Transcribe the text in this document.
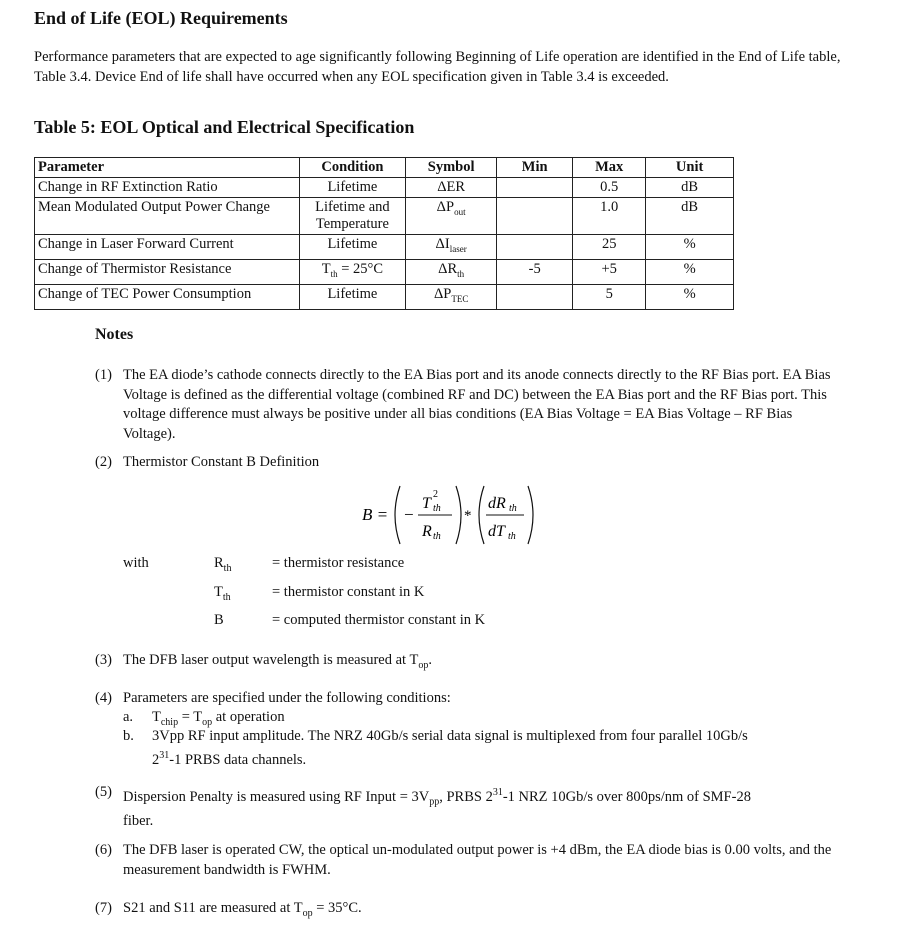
End of Life (EOL) Requirements

Performance parameters that are expected to age significantly following Beginning of Life operation are identified in the End of Life table, Table 3.4. Device End of life shall have occurred when any EOL specification given in Table 3.4 is exceeded.

Table 5: EOL Optical and Electrical Specification
Parameter	Condition	Symbol	Min	Max	Unit
Change in RF Extinction Ratio	Lifetime	ΔER		0.5	dB
Mean Modulated Output Power Change	Lifetime and Temperature	$\Delta P_{out}$		1.0	dB
Change in Laser Forward Current	Lifetime	$\Delta I_{laser}$		25	%
Change of Thermistor Resistance	$T_{th} = 25^\circ C$	$\Delta R_{th}$	-5	+5	%
Change of TEC Power Consumption	Lifetime	$\Delta P_{TEC}$		5	%
Notes
(1) The EA diode’s cathode connects directly to the EA Bias port and its anode connects directly to the RF Bias port. EA Bias Voltage is defined as the differential voltage (combined RF and DC) between the EA Bias port and the RF Bias port. This voltage difference must always be positive under all bias conditions (EA Bias Voltage = EA Bias Voltage – RF Bias Voltage).
(2) Thermistor Constant B Definition
B = −
T th
2
R th
*
dR th
dT th
with	$R_{th}$	= thermistor resistance
$T_{th}$	= thermistor constant in K
B	= computed thermistor constant in K
(3) The DFB laser output wavelength is measured at $T_{op}$.
(4) Parameters are specified under the following conditions:
a. $T_{chip} = T_{op}$ at operation
b. 3Vpp RF input amplitude. The NRZ 40Gb/s serial data signal is multiplexed from four parallel 10Gb/s
$2^{31}-1$ PRBS data channels.
(5) Dispersion Penalty is measured using RF Input = $3V_{pp}$, PRBS $2^{31}-1$ NRZ 10Gb/s over 800ps/nm of SMF-28
fiber.
(6) The DFB laser is operated CW, the optical un-modulated output power is +4 dBm, the EA diode bias is 0.00 volts, and the measurement bandwidth is FWHM.
(7) S21 and S11 are measured at $T_{op} = 35^\circ C$.
